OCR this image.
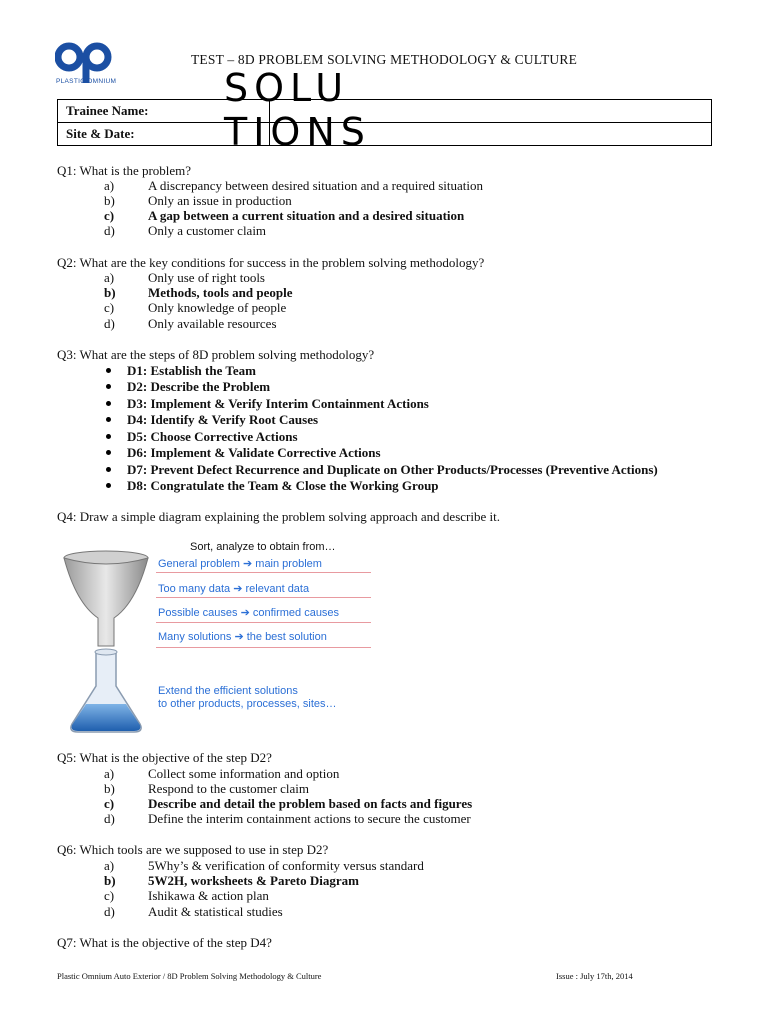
PLASTIC OMNIUM
TEST – 8D PROBLEM SOLVING METHODOLOGY & CULTURE
SOLU
TIONS
Trainee Name:	
Site & Date:	
Q1: What is the problem?
a)	A discrepancy between desired situation and a required situation
b)	Only an issue in production
c)	A gap between a current situation and a desired situation
d)	Only a customer claim
Q2: What are the key conditions for success in the problem solving methodology?
a)	Only use of right tools
b) Methods, tools and people
c)	Only knowledge of people
d)	Only available resources
Q3: What are the steps of 8D problem solving methodology?
D1: Establish the Team
D2: Describe the Problem
D3: Implement & Verify Interim Containment Actions
D4: Identify & Verify Root Causes
D5: Choose Corrective Actions
D6: Implement & Validate Corrective Actions
D7: Prevent Defect Recurrence and Duplicate on Other Products/Processes (Preventive Actions)
D8: Congratulate the Team & Close the Working Group
Q4: Draw a simple diagram explaining the problem solving approach and describe it.
Sort, analyze to obtain from…
General problem ➔ main problem
Too many data ➔ relevant data
Possible causes ➔ confirmed causes
Many solutions ➔ the best solution
Extend the efficient solutions
to other products, processes, sites…
Q5: What is the objective of the step D2?
a)	Collect some information and option
b)	Respond to the customer claim
c)	Describe and detail the problem based on facts and figures
d)	Define the interim containment actions to secure the customer
Q6: Which tools are we supposed to use in step D2?
a)	5Why’s & verification of conformity versus standard
b) 5W2H, worksheets & Pareto Diagram
c)	Ishikawa & action plan
d)	Audit & statistical studies
Q7: What is the objective of the step D4?
Plastic Omnium Auto Exterior / 8D Problem Solving Methodology & Culture	Issue : July 17th, 2014
